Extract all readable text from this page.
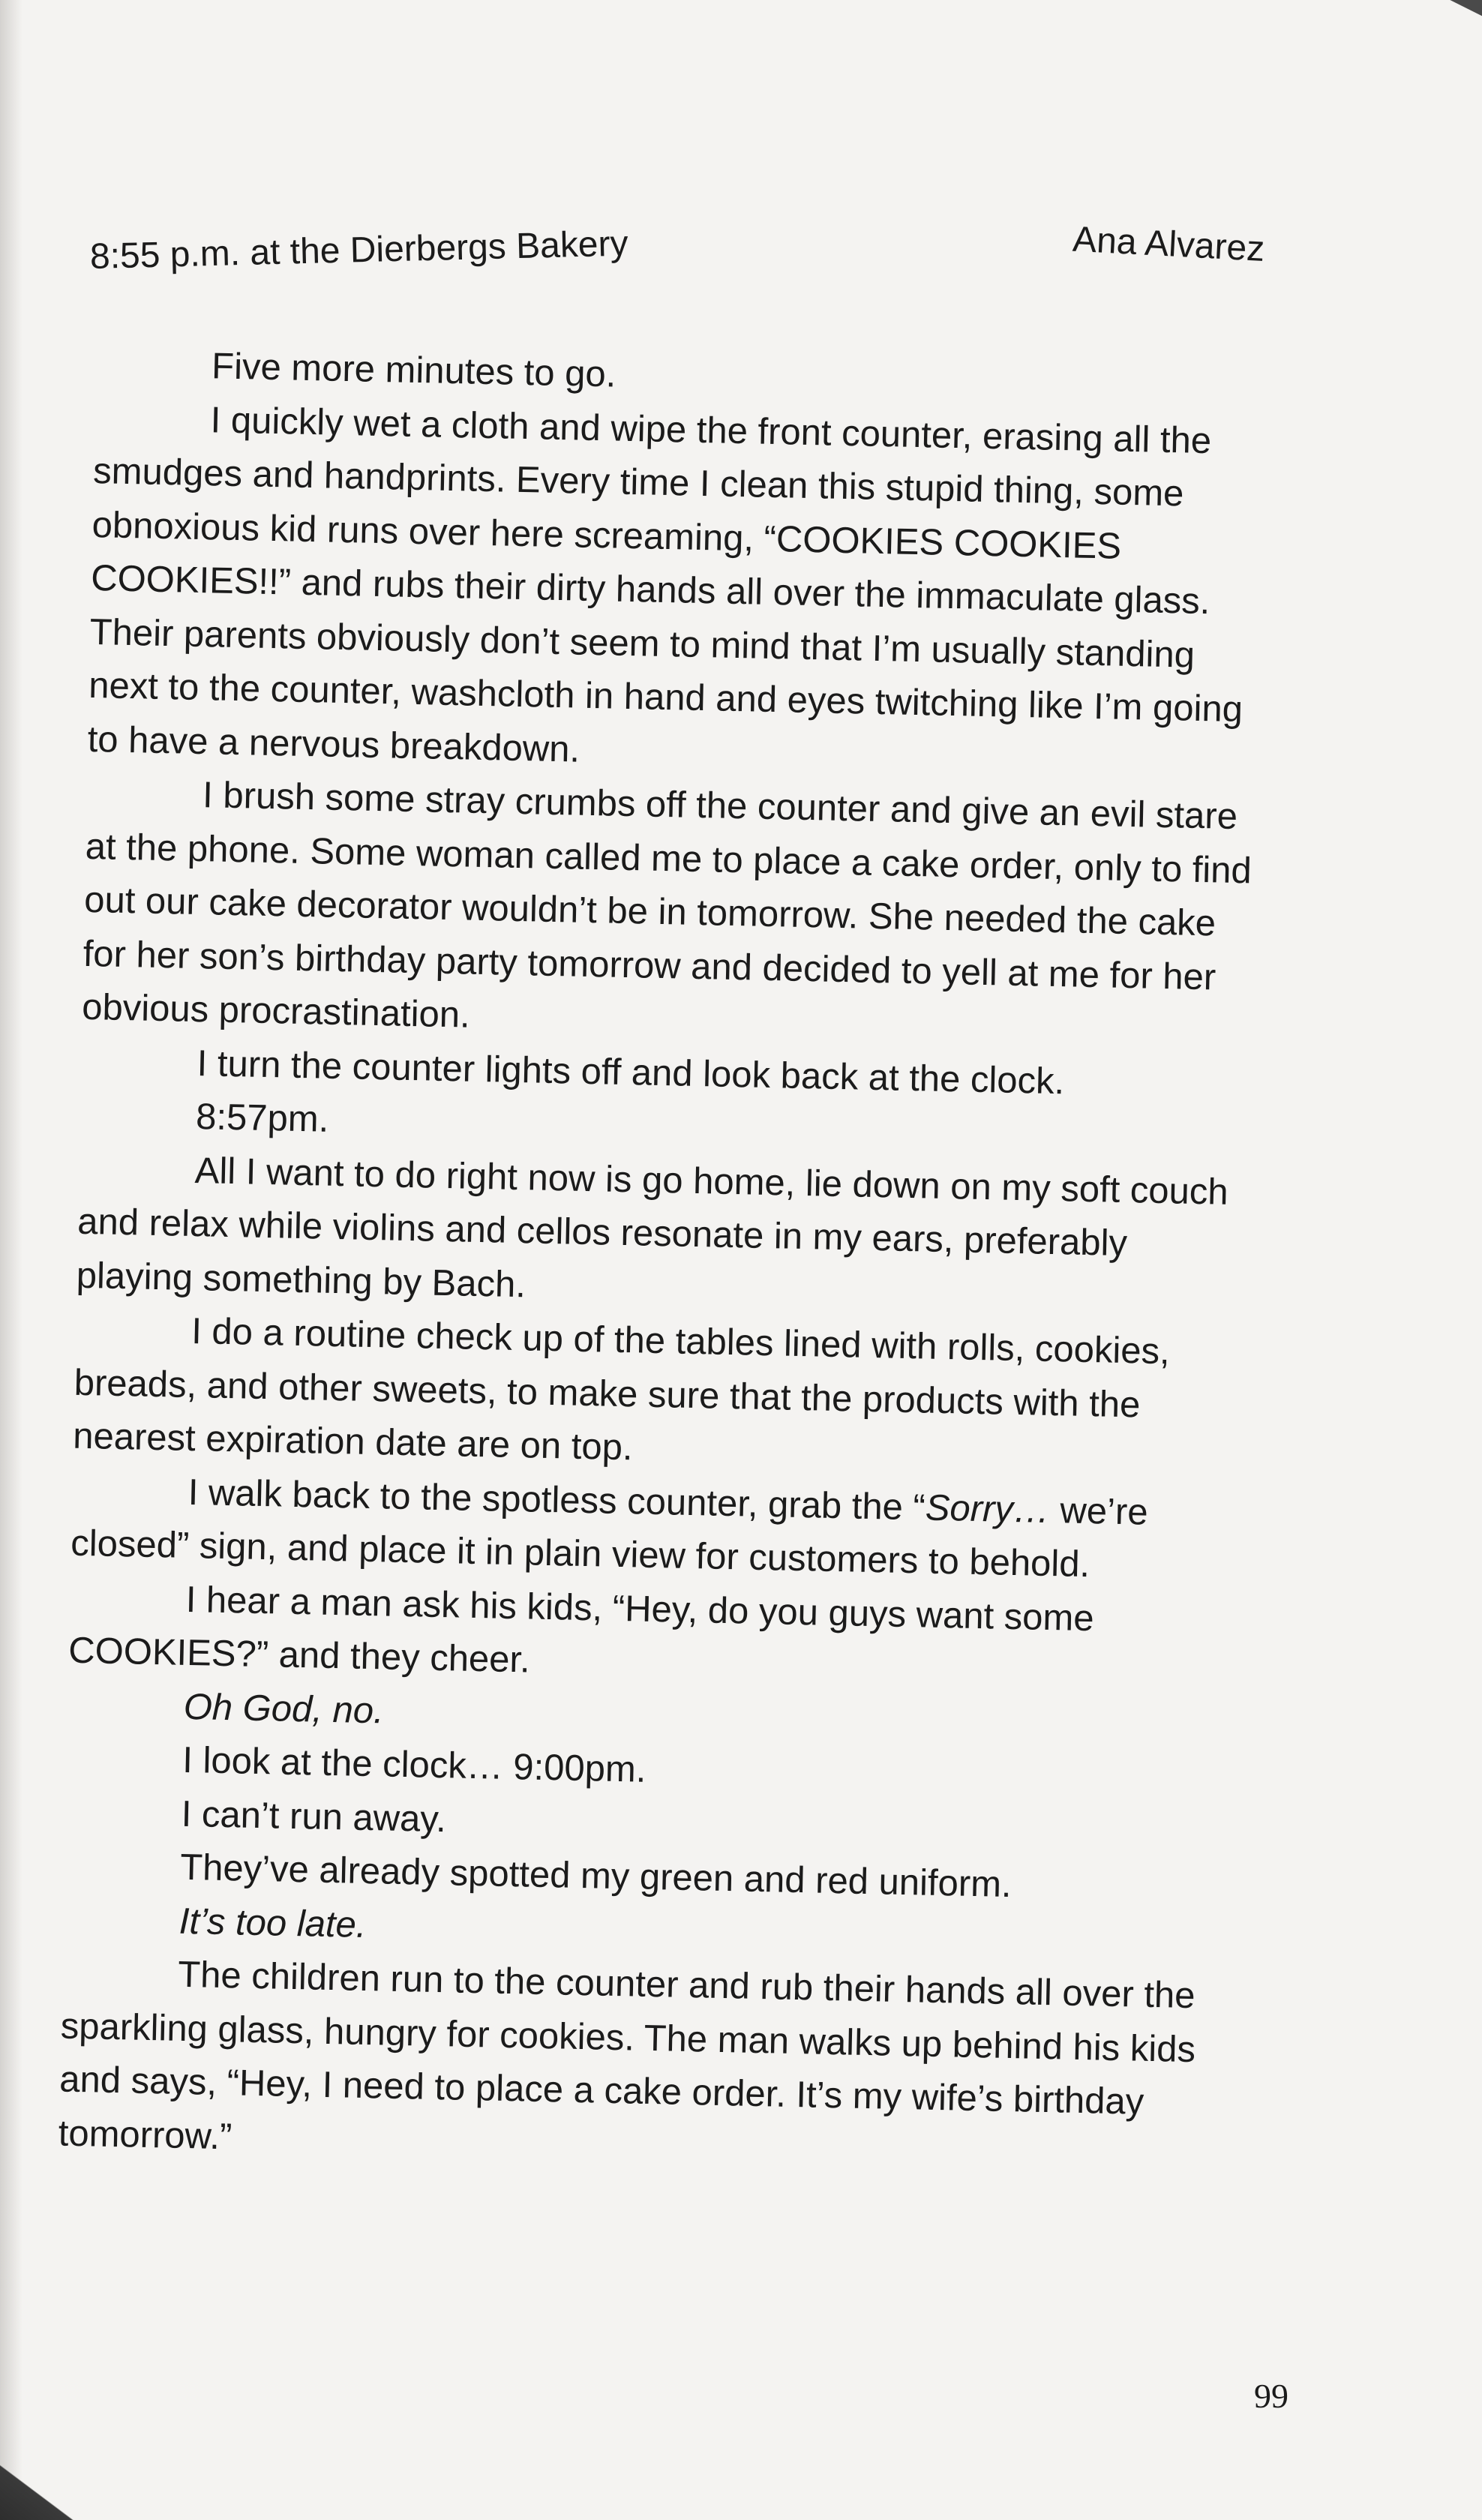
8:55 p.m. at the Dierbergs Bakery	Ana Alvarez

Five more minutes to go.

I quickly wet a cloth and wipe the front counter, erasing all the smudges and handprints. Every time I clean this stupid thing, some obnoxious kid runs over here screaming, “COOKIES COOKIES COOKIES!!” and rubs their dirty hands all over the immaculate glass. Their parents obviously don’t seem to mind that I’m usually standing next to the counter, washcloth in hand and eyes twitching like I’m going to have a nervous breakdown.

I brush some stray crumbs off the counter and give an evil stare at the phone. Some woman called me to place a cake order, only to find out our cake decorator wouldn’t be in tomorrow. She needed the cake for her son’s birthday party tomorrow and decided to yell at me for her obvious procrastination.

I turn the counter lights off and look back at the clock.

8:57pm.

All I want to do right now is go home, lie down on my soft couch and relax while violins and cellos resonate in my ears, preferably playing something by Bach.

I do a routine check up of the tables lined with rolls, cookies, breads, and other sweets, to make sure that the products with the nearest expiration date are on top.

I walk back to the spotless counter, grab the “Sorry… we’re closed” sign, and place it in plain view for customers to behold.

I hear a man ask his kids, “Hey, do you guys want some COOKIES?” and they cheer.

Oh God, no.

I look at the clock… 9:00pm.

I can’t run away.

They’ve already spotted my green and red uniform.

It’s too late.

The children run to the counter and rub their hands all over the sparkling glass, hungry for cookies. The man walks up behind his kids and says, “Hey, I need to place a cake order. It’s my wife’s birthday tomorrow.”

99
